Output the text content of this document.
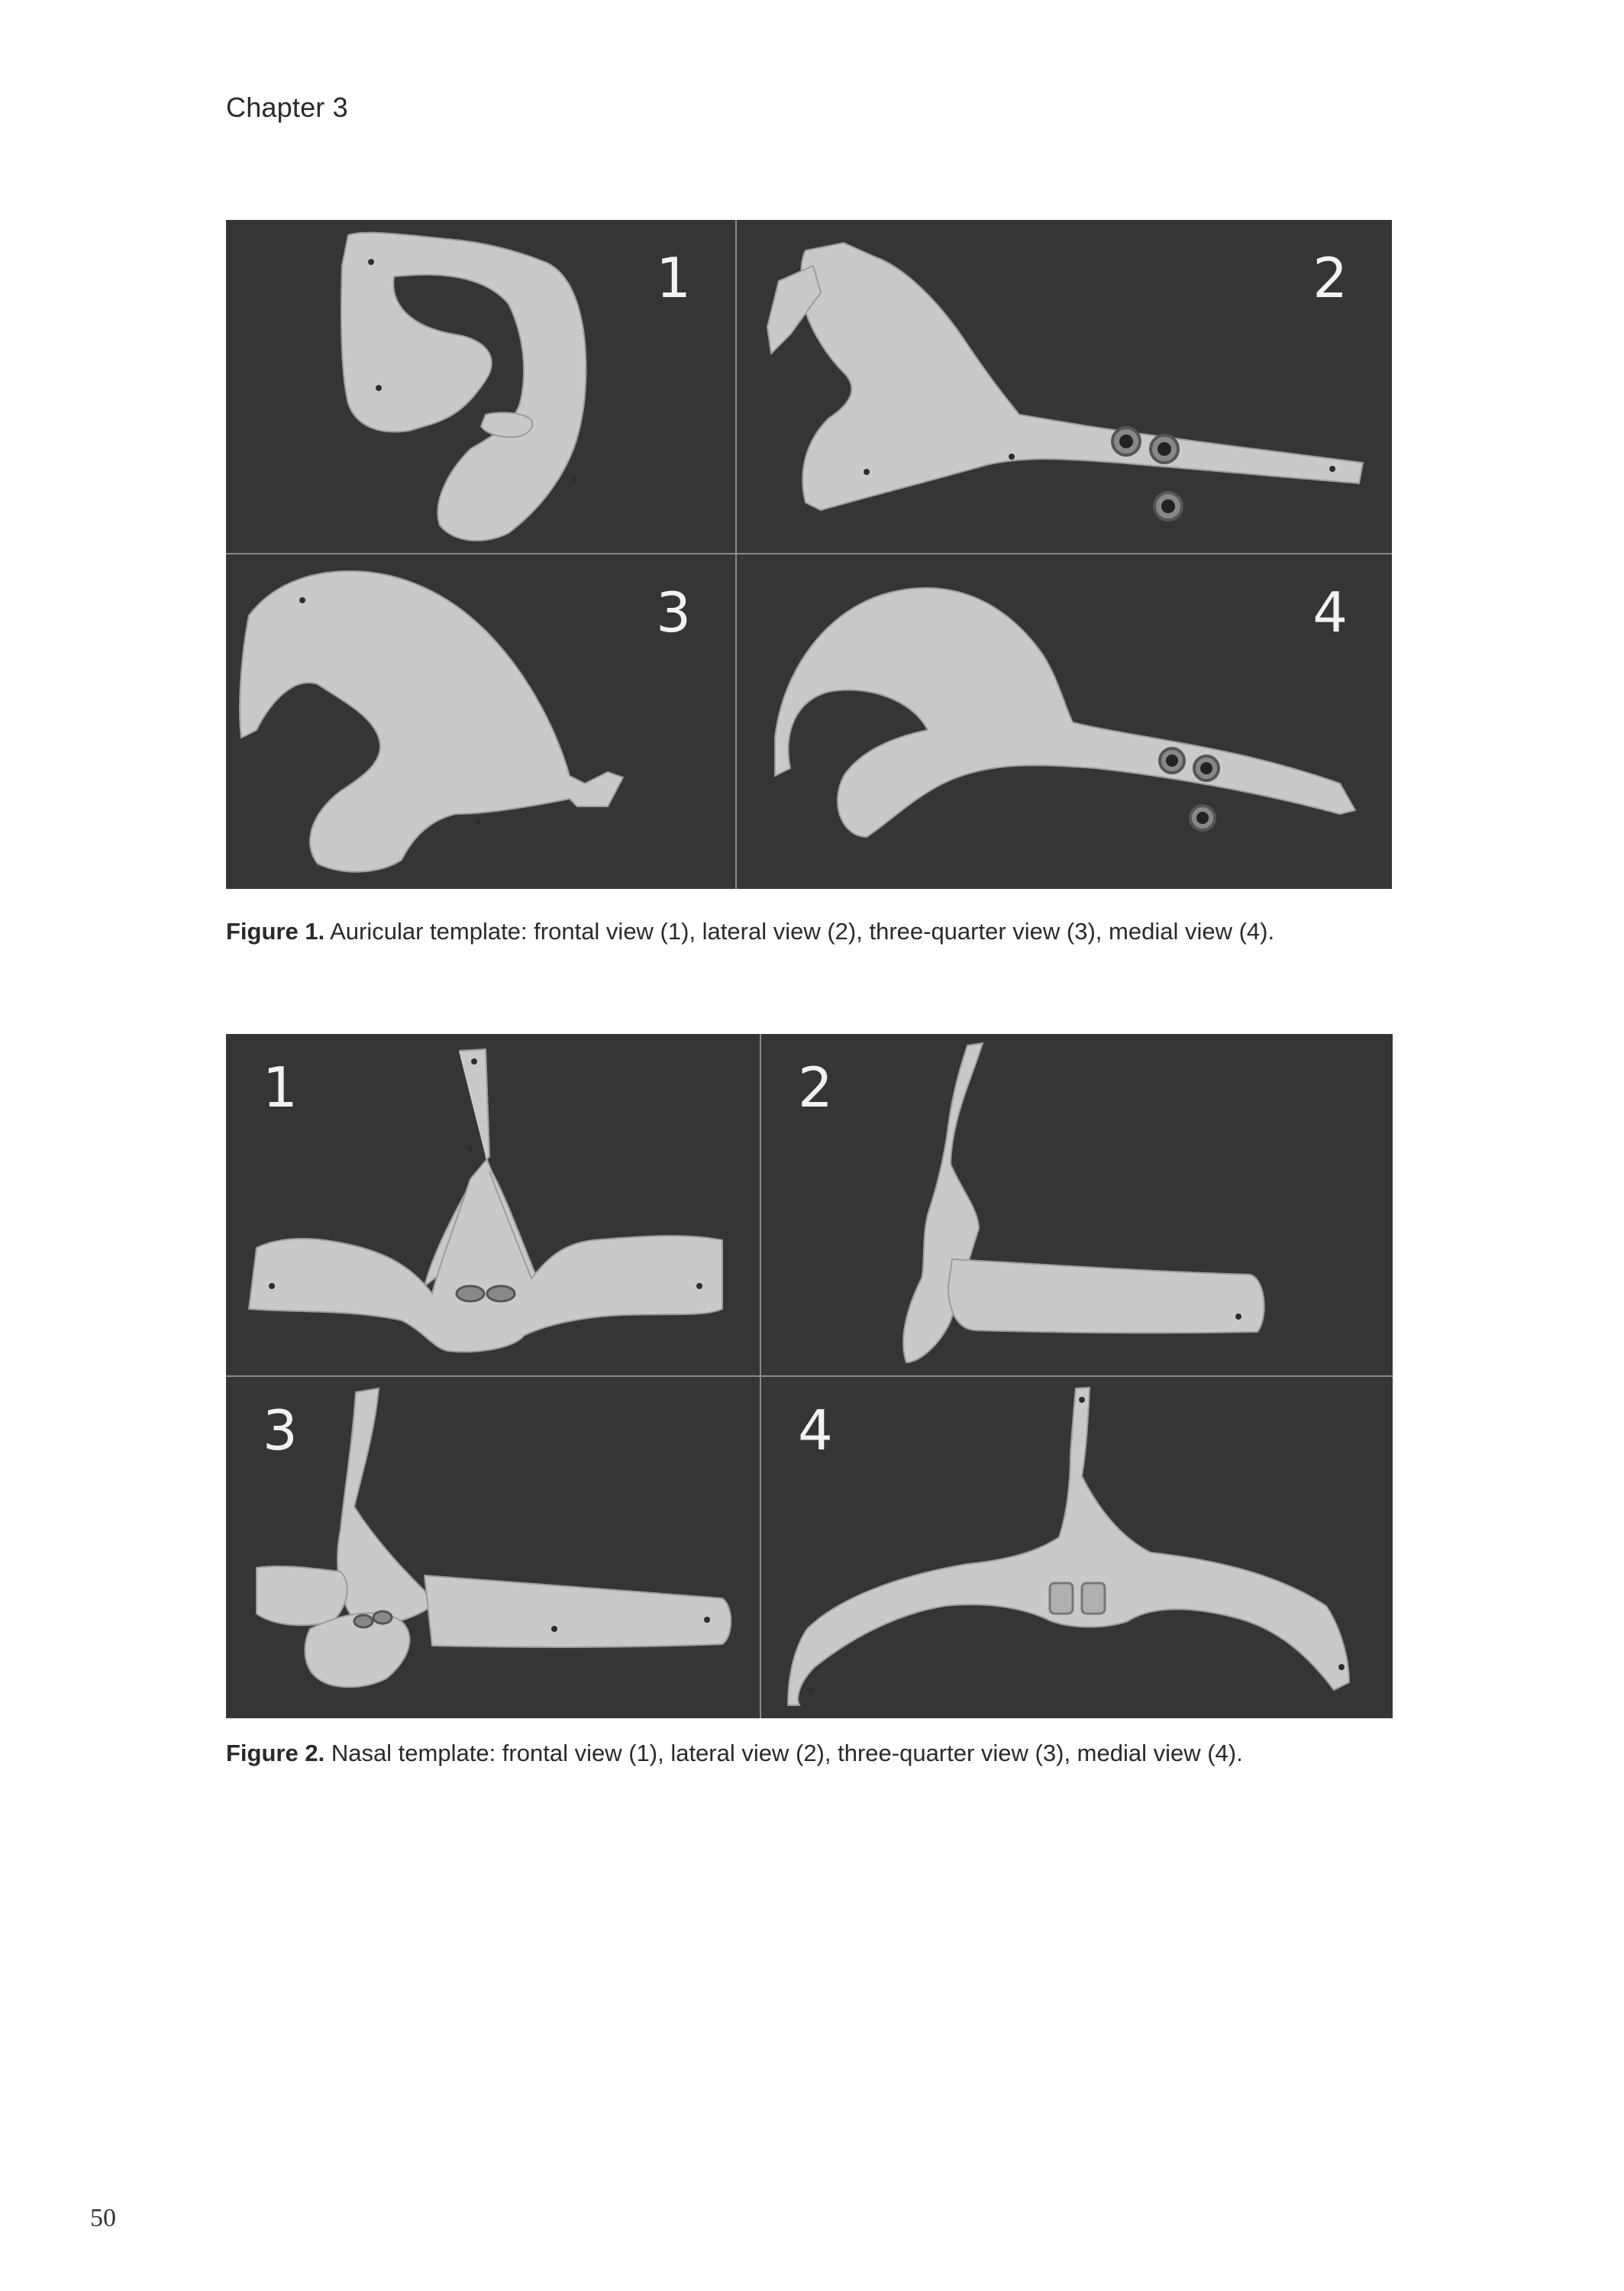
Chapter 3
1	2
3	4
Figure 1. Auricular template: frontal view (1), lateral view (2), three-quarter view (3), medial view (4).
1	2
3	4
Figure 2. Nasal template: frontal view (1), lateral view (2), three-quarter view (3), medial view (4).
50
